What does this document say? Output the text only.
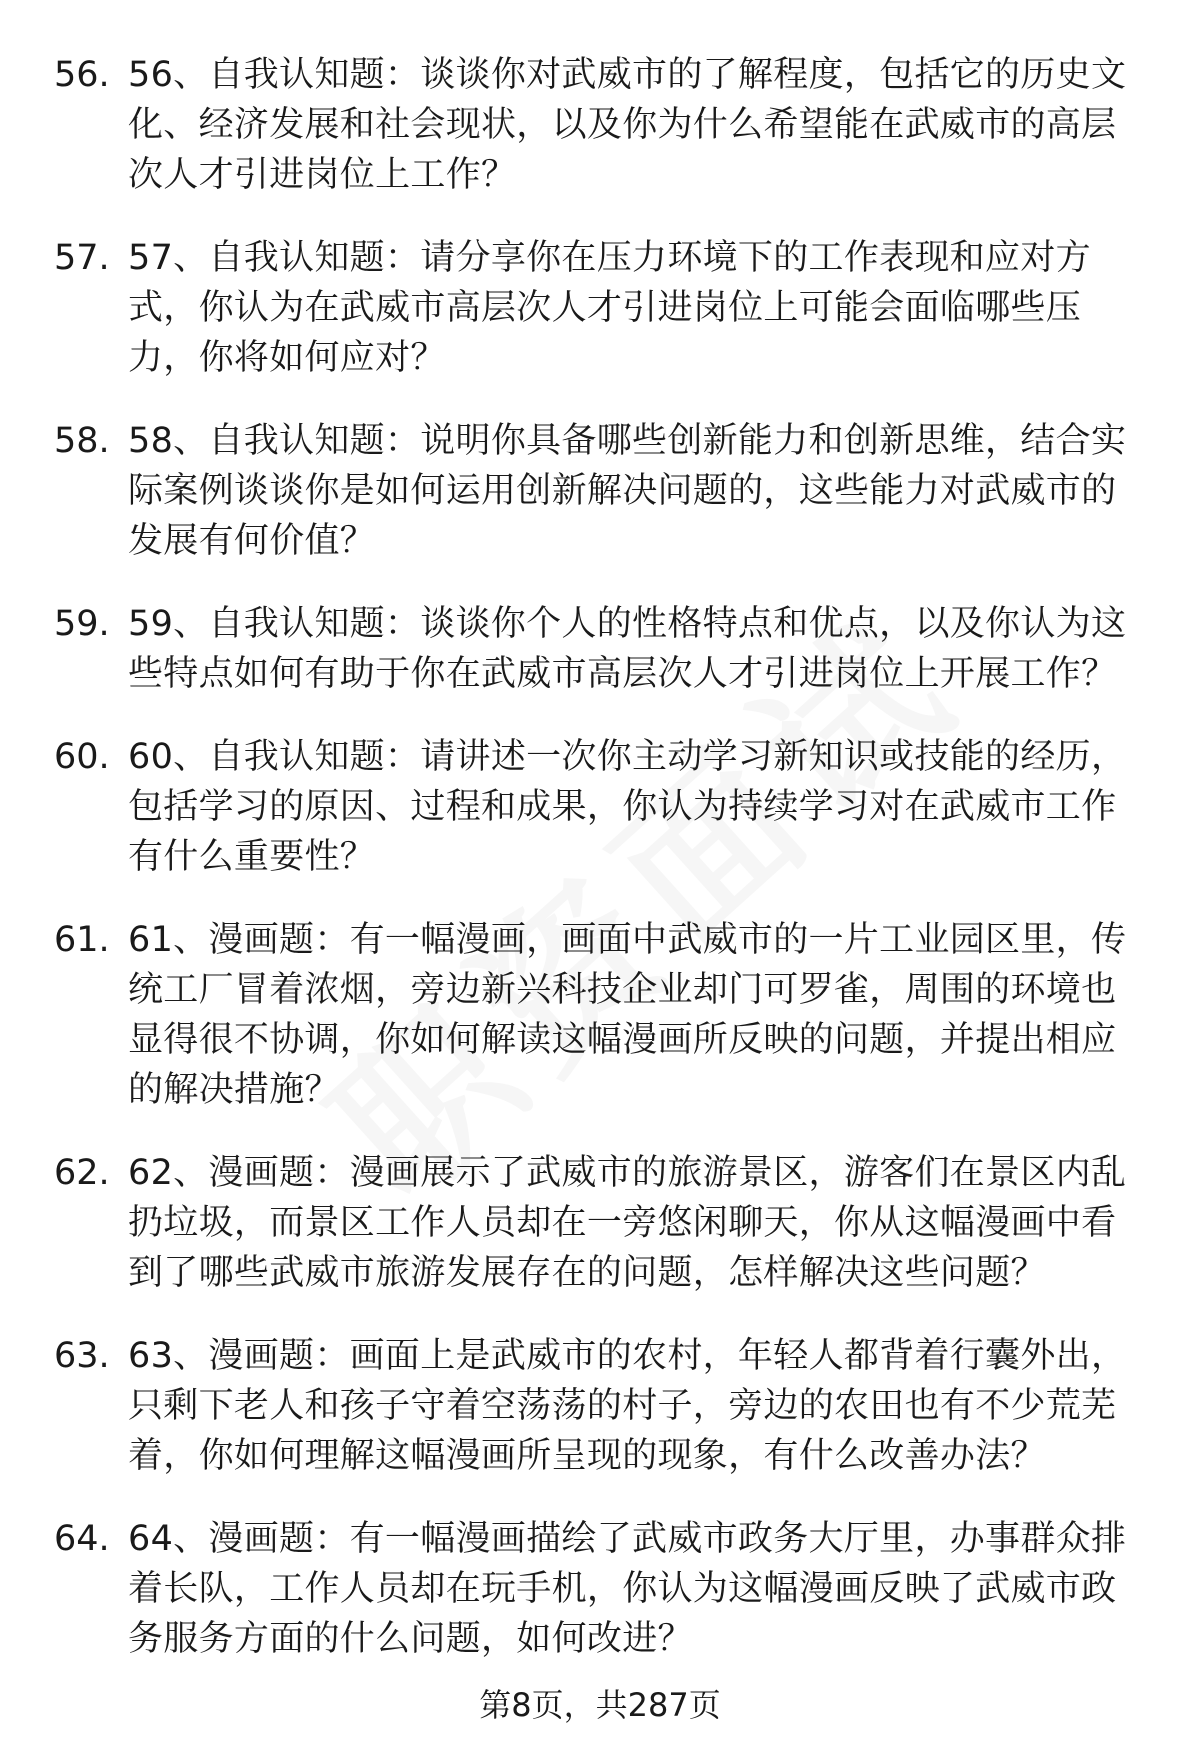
56. 56、自我认知题：谈谈你对武威市的了解程度，包括它的历史文化、经济发展和社会现状，以及你为什么希望能在武威市的高层次人才引进岗位上工作？
57. 57、自我认知题：请分享你在压力环境下的工作表现和应对方式，你认为在武威市高层次人才引进岗位上可能会面临哪些压力，你将如何应对？
58. 58、自我认知题：说明你具备哪些创新能力和创新思维，结合实际案例谈谈你是如何运用创新解决问题的，这些能力对武威市的发展有何价值？
59. 59、自我认知题：谈谈你个人的性格特点和优点，以及你认为这些特点如何有助于你在武威市高层次人才引进岗位上开展工作？
60. 60、自我认知题：请讲述一次你主动学习新知识或技能的经历，包括学习的原因、过程和成果，你认为持续学习对在武威市工作有什么重要性？
61. 61、漫画题：有一幅漫画，画面中武威市的一片工业园区里，传统工厂冒着浓烟，旁边新兴科技企业却门可罗雀，周围的环境也显得很不协调，你如何解读这幅漫画所反映的问题，并提出相应的解决措施？
62. 62、漫画题：漫画展示了武威市的旅游景区，游客们在景区内乱扔垃圾，而景区工作人员却在一旁悠闲聊天，你从这幅漫画中看到了哪些武威市旅游发展存在的问题，怎样解决这些问题？
63. 63、漫画题：画面上是武威市的农村，年轻人都背着行囊外出，只剩下老人和孩子守着空荡荡的村子，旁边的农田也有不少荒芜着，你如何理解这幅漫画所呈现的现象，有什么改善办法？
64. 64、漫画题：有一幅漫画描绘了武威市政务大厅里，办事群众排着长队，工作人员却在玩手机，你认为这幅漫画反映了武威市政务服务方面的什么问题，如何改进？
第8页，共287页
